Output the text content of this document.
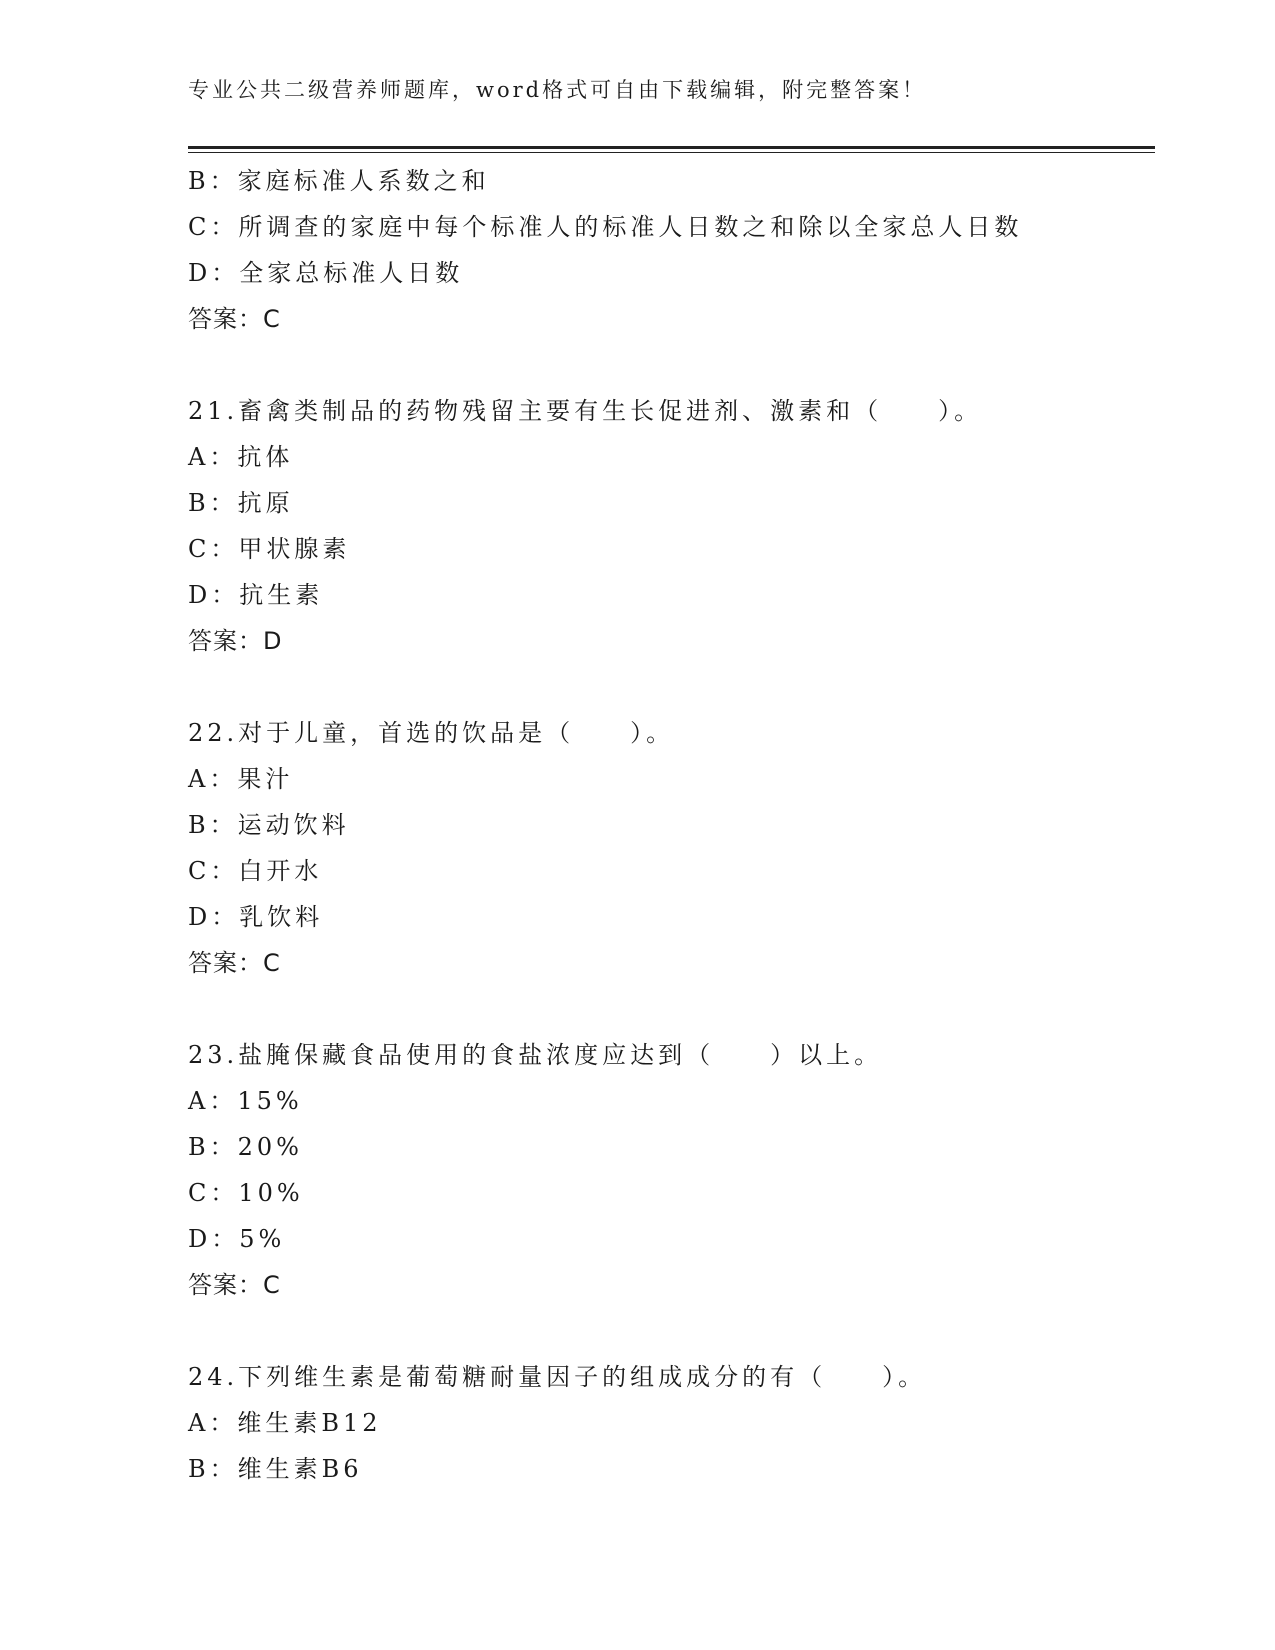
专业公共二级营养师题库，word格式可自由下载编辑，附完整答案！
B：家庭标准人系数之和
C：所调查的家庭中每个标准人的标准人日数之和除以全家总人日数
D：全家总标准人日数
答案：C
21.畜禽类制品的药物残留主要有生长促进剂、激素和（　　）。
A：抗体
B：抗原
C：甲状腺素
D：抗生素
答案：D
22.对于儿童，首选的饮品是（　　）。
A：果汁
B：运动饮料
C：白开水
D：乳饮料
答案：C
23.盐腌保藏食品使用的食盐浓度应达到（　　）以上。
A：15%
B：20%
C：10%
D：5%
答案：C
24.下列维生素是葡萄糖耐量因子的组成成分的有（　　）。
A：维生素B12
B：维生素B6
